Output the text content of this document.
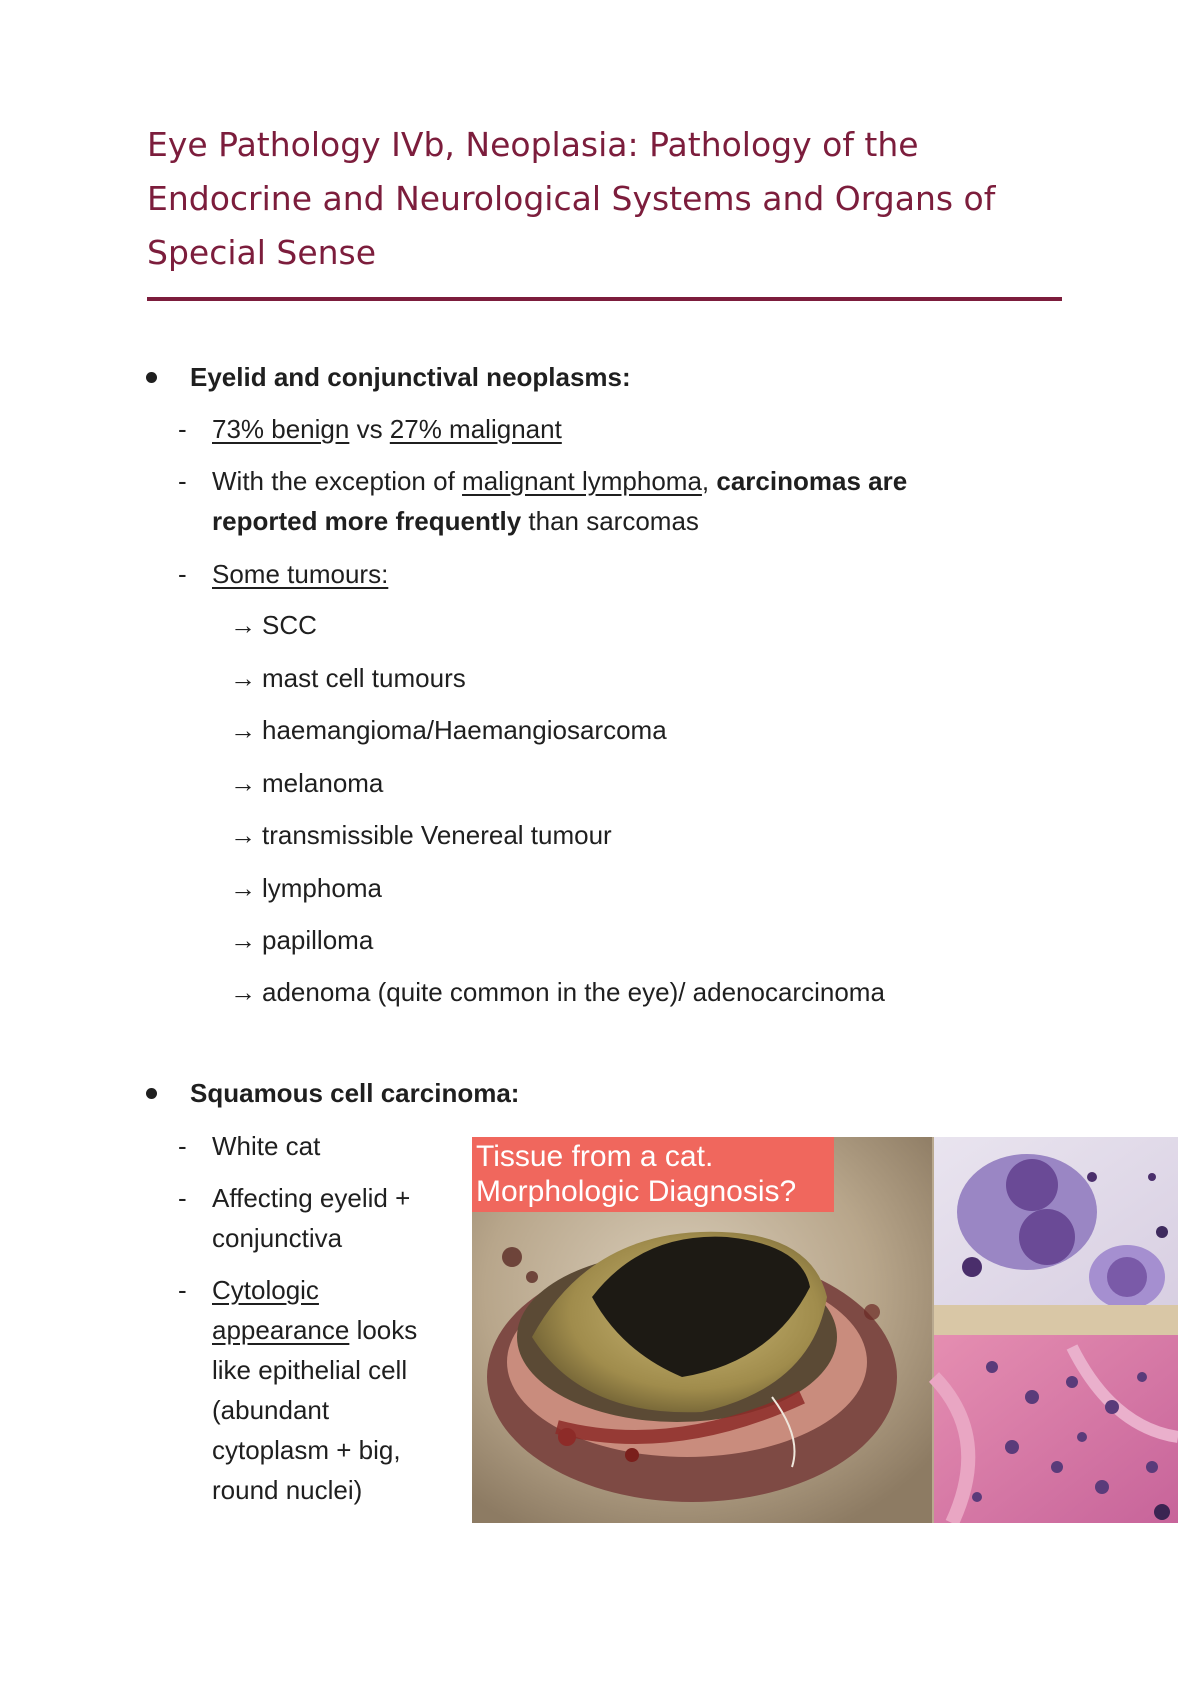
Eye Pathology IVb, Neoplasia: Pathology of the
Endocrine and Neurological Systems and Organs of
Special Sense
Eyelid and conjunctival neoplasms:
- 73% benign vs 27% malignant
- With the exception of malignant lymphoma, carcinomas are
reported more frequently than sarcomas
- Some tumours:
→ SCC
→ mast cell tumours
→ haemangioma/Haemangiosarcoma
→ melanoma
→ transmissible Venereal tumour
→ lymphoma
→ papilloma
→ adenoma (quite common in the eye)/ adenocarcinoma
Squamous cell carcinoma:
- White cat
- Affecting eyelid +
conjunctiva
- Cytologic
appearance looks
like epithelial cell
(abundant
cytoplasm + big,
round nuclei)
Tissue from a cat.
Morphologic Diagnosis?
